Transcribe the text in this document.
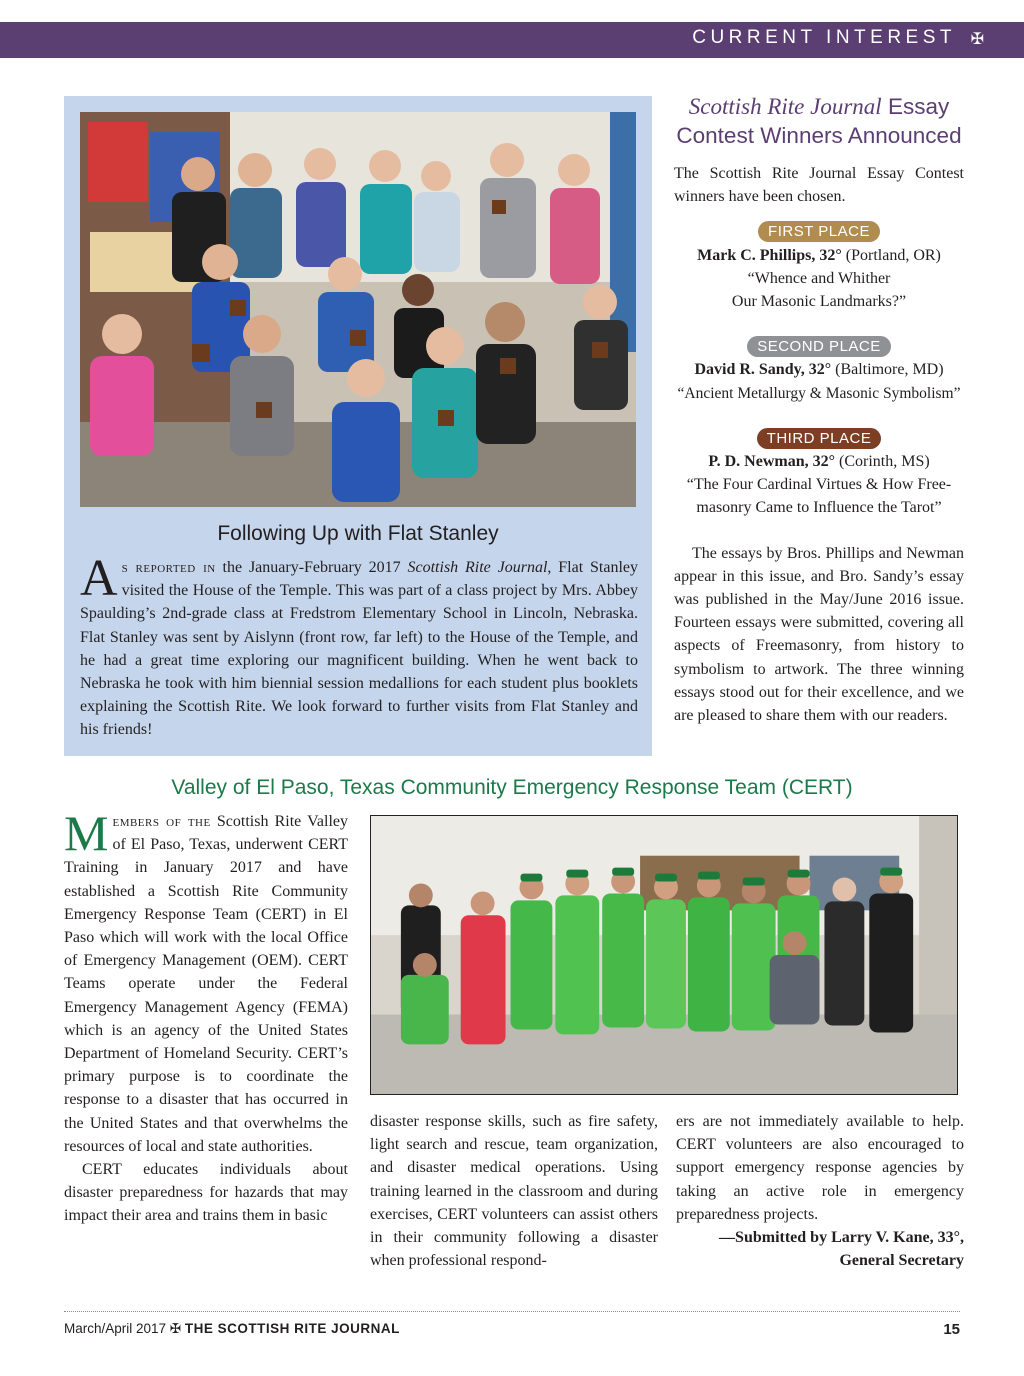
CURRENT INTEREST ✠
Following Up with Flat Stanley
As reported in the January-February 2017 Scottish Rite Journal, Flat Stanley visited the House of the Temple. This was part of a class project by Mrs. Abbey Spaulding’s 2nd-grade class at Fredstrom Elementary School in Lincoln, Nebraska. Flat Stanley was sent by Aislynn (front row, far left) to the House of the Temple, and he had a great time exploring our magnificent building. When he went back to Nebraska he took with him biennial session medallions for each student plus booklets explaining the Scottish Rite. We look forward to further visits from Flat Stanley and his friends!
Scottish Rite Journal Essay
Contest Winners Announced

The Scottish Rite Journal Essay Contest winners have been chosen.

FIRST PLACE
Mark C. Phillips, 32° (Portland, OR)
“Whence and Whither
Our Masonic Landmarks?”
SECOND PLACE
David R. Sandy, 32° (Baltimore, MD)
“Ancient Metallurgy & Masonic Symbolism”
THIRD PLACE
P. D. Newman, 32° (Corinth, MS)
“The Four Cardinal Virtues & How Free-
masonry Came to Influence the Tarot”

The essays by Bros. Phillips and Newman appear in this issue, and Bro. Sandy’s essay was published in the May/June 2016 issue. Fourteen essays were submitted, covering all aspects of Freemasonry, from history to symbolism to artwork. The three winning essays stood out for their excellence, and we are pleased to share them with our readers.

Valley of El Paso, Texas Community Emergency Response Team (CERT)

Members of the Scottish Rite Valley of El Paso, Texas, underwent CERT Training in January 2017 and have established a Scottish Rite Community Emergency Response Team (CERT) in El Paso which will work with the local Office of Emergency Management (OEM). CERT Teams operate under the Federal Emergency Management Agency (FEMA) which is an agency of the United States Department of Homeland Security. CERT’s primary purpose is to coordinate the response to a disaster that has occurred in the United States and that overwhelms the resources of local and state authorities.

CERT educates individuals about disaster preparedness for hazards that may impact their area and trains them in basic

disaster response skills, such as fire safety, light search and rescue, team organization, and disaster medical operations. Using training learned in the classroom and during exercises, CERT volunteers can assist others in their community following a disaster when professional respond-

ers are not immediately available to help. CERT volunteers are also encouraged to support emergency response agencies by taking an active role in emergency preparedness projects.

—Submitted by Larry V. Kane, 33°,

General Secretary

March/April 2017 ✠ THE SCOTTISH RITE JOURNAL	15
